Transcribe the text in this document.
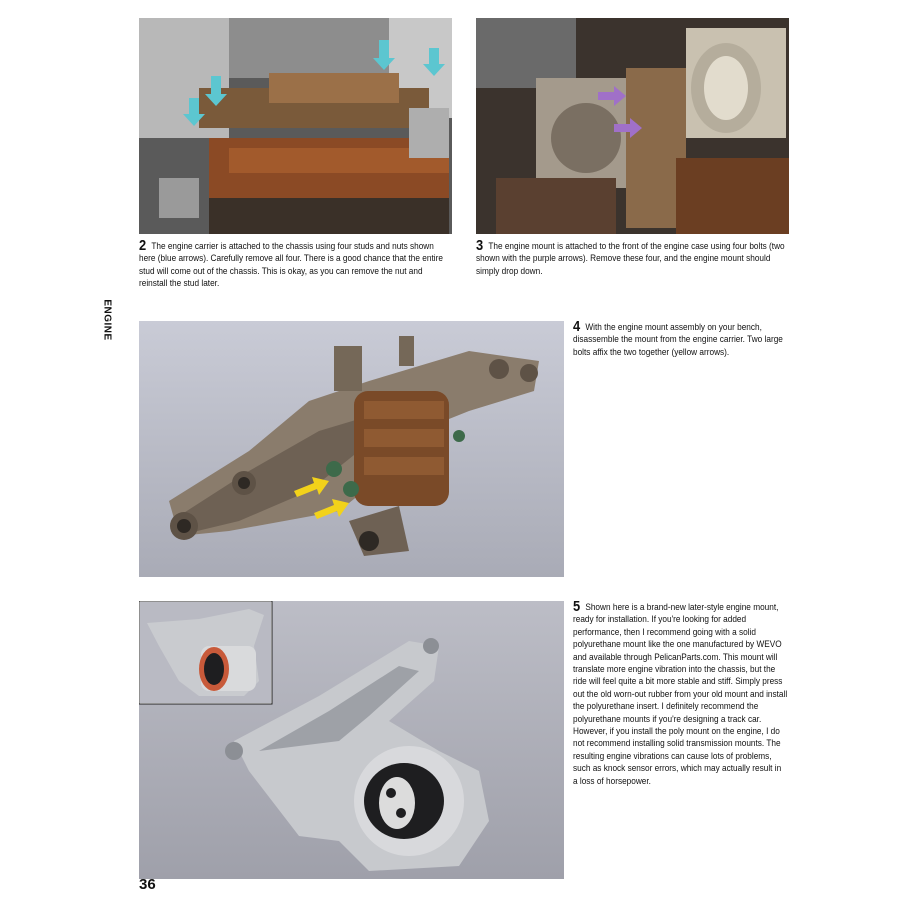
ENGINE
2 The engine carrier is attached to the chassis using four studs and nuts shown here (blue arrows). Carefully remove all four. There is a good chance that the entire stud will come out of the chassis. This is okay, as you can remove the nut and reinstall the stud later.
3 The engine mount is attached to the front of the engine case using four bolts (two shown with the purple arrows). Remove these four, and the engine mount should simply drop down.
4 With the engine mount assembly on your bench, disassemble the mount from the engine carrier. Two large bolts affix the two together (yellow arrows).
5 Shown here is a brand-new later-style engine mount, ready for installation. If you're looking for added performance, then I recommend going with a solid polyurethane mount like the one manufactured by WEVO and available through PelicanParts.com. This mount will translate more engine vibration into the chassis, but the ride will feel quite a bit more stable and stiff. Simply press out the old worn-out rubber from your old mount and install the polyurethane insert. I definitely recommend the polyurethane mounts if you're designing a track car. However, if you install the poly mount on the engine, I do not recommend installing solid transmission mounts. The resulting engine vibrations can cause lots of problems, such as knock sensor errors, which may actually result in a loss of horsepower.
36
